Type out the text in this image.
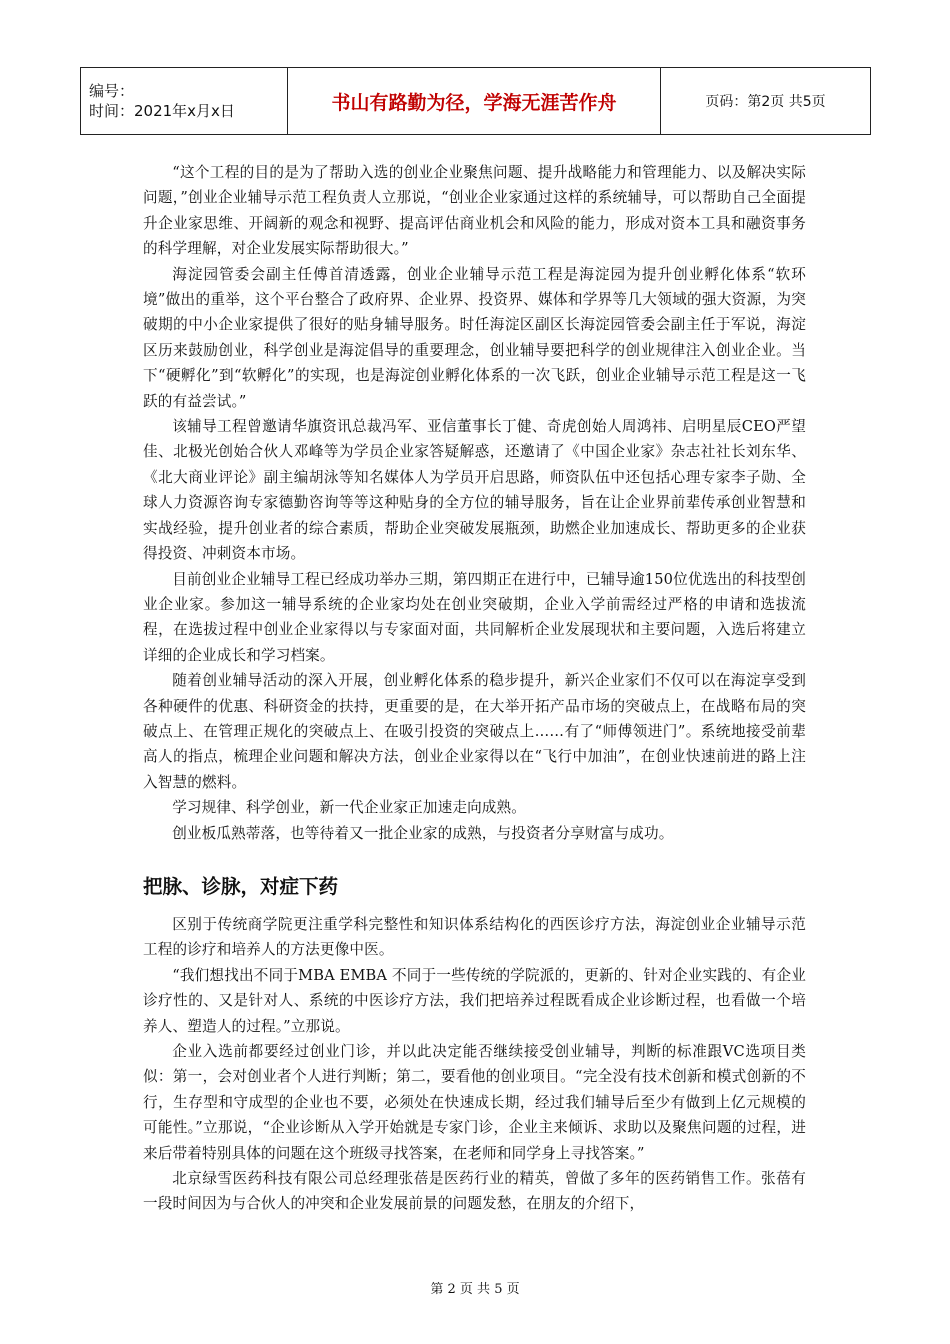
编号：
时间：2021年x月x日	书山有路勤为径，学海无涯苦作舟	页码：第2页 共5页

“这个工程的目的是为了帮助入选的创业企业聚焦问题、提升战略能力和管理能力、以及解决实际问题，”创业企业辅导示范工程负责人立那说，“创业企业家通过这样的系统辅导，可以帮助自己全面提升企业家思维、开阔新的观念和视野、提高评估商业机会和风险的能力，形成对资本工具和融资事务的科学理解，对企业发展实际帮助很大。”

海淀园管委会副主任傅首清透露，创业企业辅导示范工程是海淀园为提升创业孵化体系“软环境”做出的重举，这个平台整合了政府界、企业界、投资界、媒体和学界等几大领域的强大资源，为突破期的中小企业家提供了很好的贴身辅导服务。时任海淀区副区长海淀园管委会副主任于军说，海淀区历来鼓励创业，科学创业是海淀倡导的重要理念，创业辅导要把科学的创业规律注入创业企业。当下“硬孵化”到“软孵化”的实现，也是海淀创业孵化体系的一次飞跃，创业企业辅导示范工程是这一飞跃的有益尝试。”

该辅导工程曾邀请华旗资讯总裁冯军、亚信董事长丁健、奇虎创始人周鸿祎、启明星辰CEO严望佳、北极光创始合伙人邓峰等为学员企业家答疑解惑，还邀请了《中国企业家》杂志社社长刘东华、《北大商业评论》副主编胡泳等知名媒体人为学员开启思路，师资队伍中还包括心理专家李子勋、全球人力资源咨询专家德勤咨询等等这种贴身的全方位的辅导服务，旨在让企业界前辈传承创业智慧和实战经验，提升创业者的综合素质，帮助企业突破发展瓶颈，助燃企业加速成长、帮助更多的企业获得投资、冲刺资本市场。

目前创业企业辅导工程已经成功举办三期，第四期正在进行中，已辅导逾150位优选出的科技型创业企业家。参加这一辅导系统的企业家均处在创业突破期，企业入学前需经过严格的申请和选拔流程，在选拔过程中创业企业家得以与专家面对面，共同解析企业发展现状和主要问题，入选后将建立详细的企业成长和学习档案。

随着创业辅导活动的深入开展，创业孵化体系的稳步提升，新兴企业家们不仅可以在海淀享受到各种硬件的优惠、科研资金的扶持，更重要的是，在大举开拓产品市场的突破点上，在战略布局的突破点上、在管理正规化的突破点上、在吸引投资的突破点上……有了“师傅领进门”。系统地接受前辈高人的指点，梳理企业问题和解决方法，创业企业家得以在“飞行中加油”，在创业快速前进的路上注入智慧的燃料。

学习规律、科学创业，新一代企业家正加速走向成熟。

创业板瓜熟蒂落，也等待着又一批企业家的成熟，与投资者分享财富与成功。

把脉、诊脉，对症下药

区别于传统商学院更注重学科完整性和知识体系结构化的西医诊疗方法，海淀创业企业辅导示范工程的诊疗和培养人的方法更像中医。

“我们想找出不同于MBA EMBA 不同于一些传统的学院派的，更新的、针对企业实践的、有企业诊疗性的、又是针对人、系统的中医诊疗方法，我们把培养过程既看成企业诊断过程，也看做一个培养人、塑造人的过程。”立那说。

企业入选前都要经过创业门诊，并以此决定能否继续接受创业辅导，判断的标准跟VC选项目类似：第一，会对创业者个人进行判断；第二，要看他的创业项目。“完全没有技术创新和模式创新的不行，生存型和守成型的企业也不要，必须处在快速成长期，经过我们辅导后至少有做到上亿元规模的可能性。”立那说，“企业诊断从入学开始就是专家门诊，企业主来倾诉、求助以及聚焦问题的过程，进来后带着特别具体的问题在这个班级寻找答案，在老师和同学身上寻找答案。”

北京绿雪医药科技有限公司总经理张蓓是医药行业的精英，曾做了多年的医药销售工作。张蓓有一段时间因为与合伙人的冲突和企业发展前景的问题发愁，在朋友的介绍下，

第 2 页 共 5 页
